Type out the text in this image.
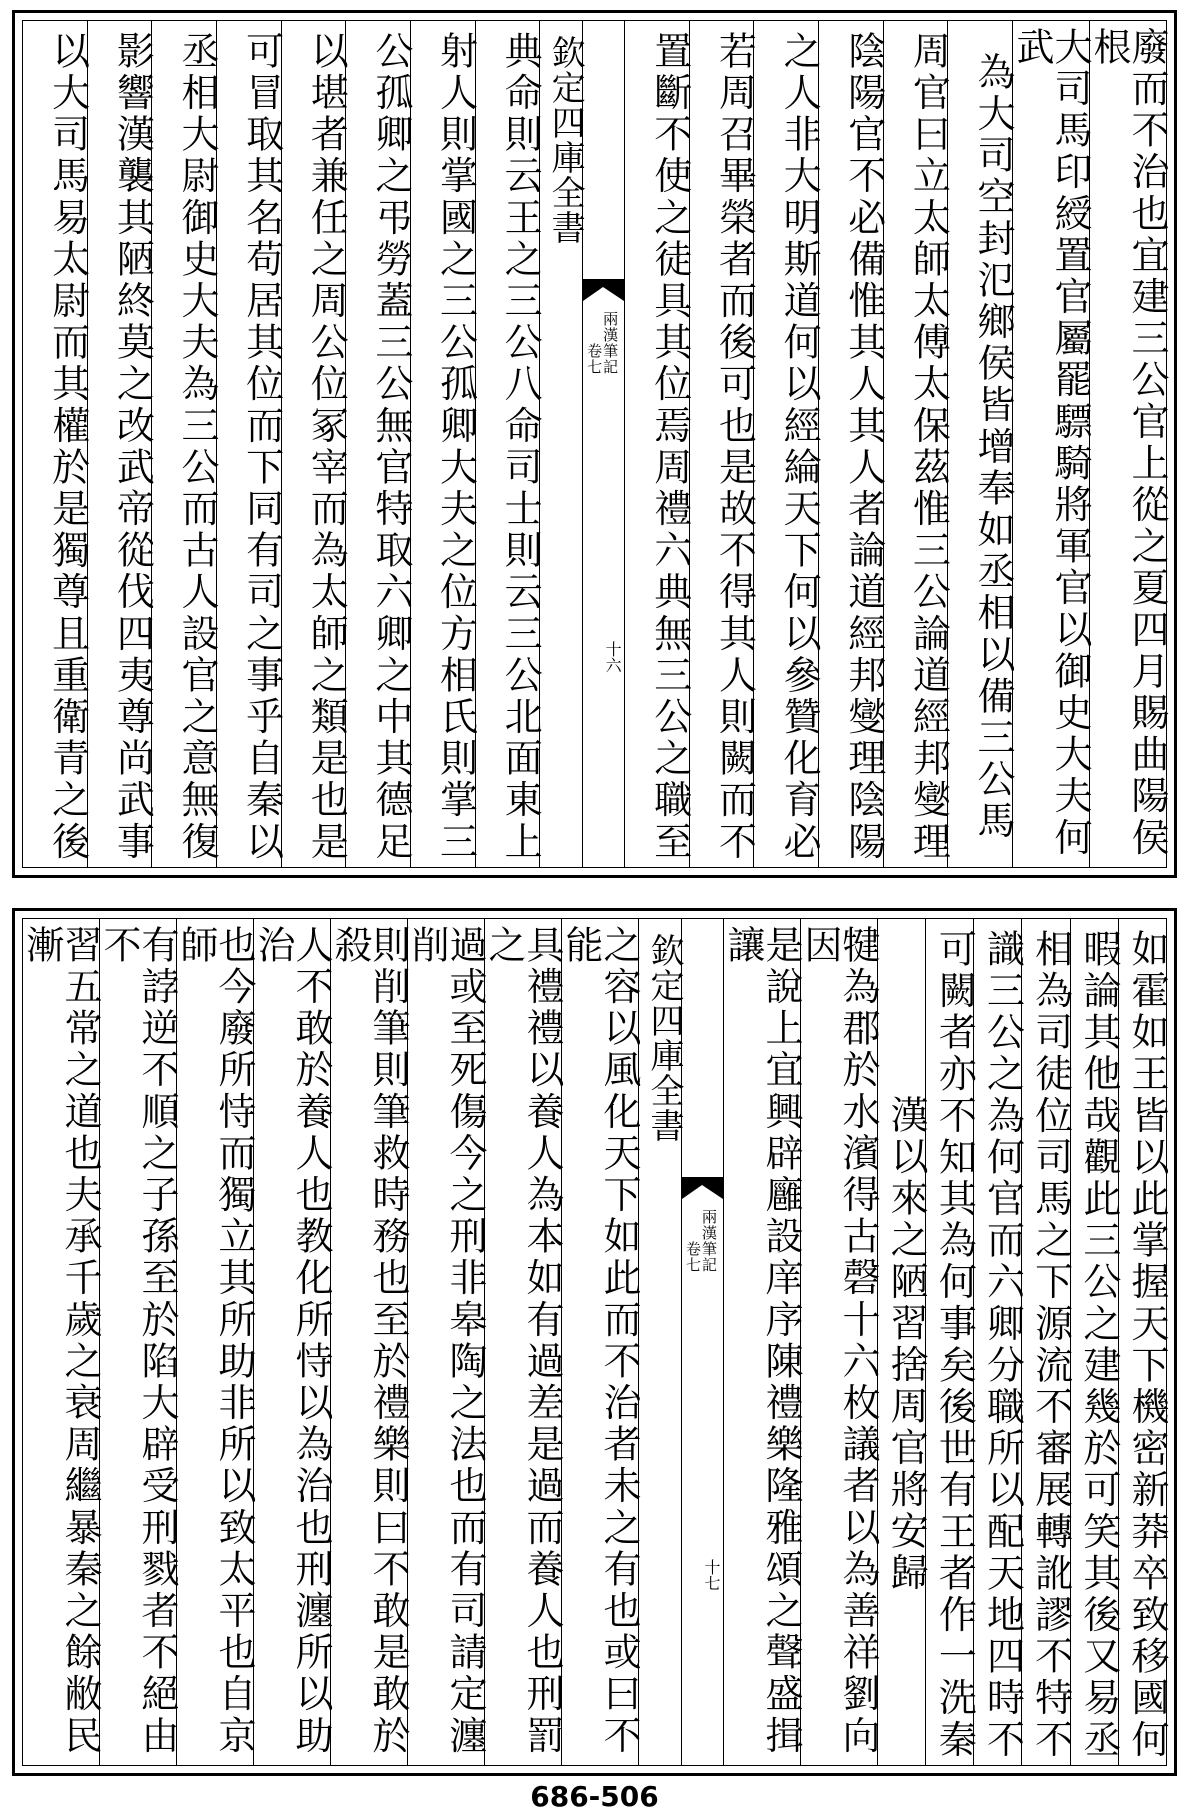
廢而不治也宜建三公官上從之夏四月賜曲陽侯根
大司馬印綬置官屬罷驃騎將軍官以御史大夫何武
為大司空封氾鄉侯皆增奉如丞相以備三公馬
周官曰立太師太傅太保茲惟三公論道經邦燮理
陰陽官不必備惟其人其人者論道經邦燮理陰陽
之人非大明斯道何以經綸天下何以參贊化育必
若周召畢榮者而後可也是故不得其人則闕而不
置斷不使之徒具其位焉周禮六典無三公之職至
欽定四庫全書
兩漢筆記
卷七
十六
典命則云王之三公八命司士則云三公北面東上
射人則掌國之三公孤卿大夫之位方相氏則掌三
公孤卿之弔勞蓋三公無官特取六卿之中其德足
以堪者兼任之周公位冢宰而為太師之類是也是
可冒取其名苟居其位而下同有司之事乎自秦以
丞相大尉御史大夫為三公而古人設官之意無復
影響漢襲其陋終莫之改武帝從伐四夷尊尚武事
以大司馬易太尉而其權於是獨尊且重衛青之後
如霍如王皆以此掌握天下機密新莽卒致移國何
暇論其他哉觀此三公之建幾於可笑其後又易丞
相為司徒位司馬之下源流不審展轉訛謬不特不
識三公之為何官而六卿分職所以配天地四時不
可闕者亦不知其為何事矣後世有王者作一洗秦
漢以來之陋習捨周官將安歸
犍為郡於水濱得古磬十六枚議者以為善祥劉向因
是說上宜興辟廱設庠序陳禮樂隆雅頌之聲盛揖讓
欽定四庫全書
兩漢筆記
卷七
十七
之容以風化天下如此而不治者未之有也或曰不能
具禮禮以養人為本如有過差是過而養人也刑罰之
過或至死傷今之刑非皋陶之法也而有司請定瀍削
則削筆則筆救時務也至於禮樂則曰不敢是敢於殺
人不敢於養人也教化所恃以為治也刑瀍所以助治
也今廢所恃而獨立其所助非所以致太平也自京師
有誖逆不順之子孫至於陷大辟受刑戮者不絕由不
習五常之道也夫承千歲之衰周繼暴秦之餘敝民漸
686-506
